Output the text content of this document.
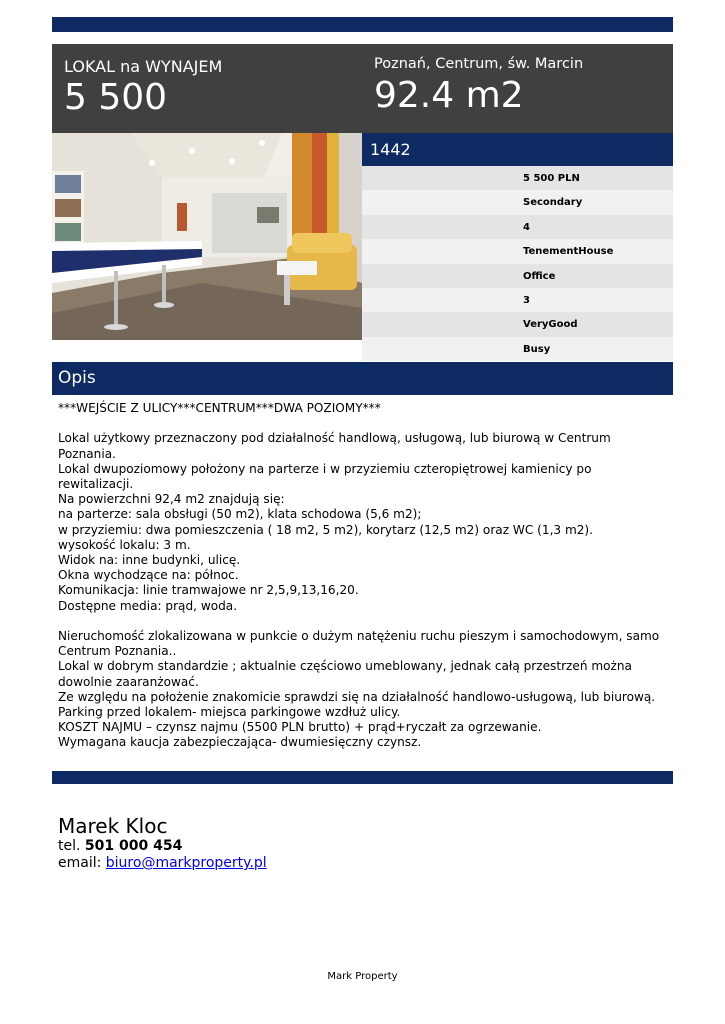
LOKAL na WYNAJEM
5 500
Poznań, Centrum, św. Marcin
92.4 m2
1442
5 500 PLN
Secondary
4
TenementHouse
Office
3
VeryGood
Busy
Opis

***WEJŚCIE Z ULICY***CENTRUM***DWA POZIOMY***

Lokal użytkowy przeznaczony pod działalność handlową, usługową, lub biurową w Centrum Poznania.

Lokal dwupoziomowy położony na parterze i w przyziemiu czteropiętrowej kamienicy po rewitalizacji.

Na powierzchni 92,4 m2 znajdują się:

na parterze: sala obsługi (50 m2), klata schodowa (5,6 m2);

w przyziemiu: dwa pomieszczenia ( 18 m2, 5 m2), korytarz (12,5 m2) oraz WC (1,3 m2).

wysokość lokalu: 3 m.

Widok na: inne budynki, ulicę.

Okna wychodzące na: północ.

Komunikacja: linie tramwajowe nr 2,5,9,13,16,20.

Dostępne media: prąd, woda.

Nieruchomość zlokalizowana w punkcie o dużym natężeniu ruchu pieszym i samochodowym, samo Centrum Poznania..

Lokal w dobrym standardzie ; aktualnie częściowo umeblowany, jednak całą przestrzeń można dowolnie zaaranżować.

Ze względu na położenie znakomicie sprawdzi się na działalność handlowo-usługową, lub biurową.

Parking przed lokalem- miejsca parkingowe wzdłuż ulicy.

KOSZT NAJMU – czynsz najmu (5500 PLN brutto) + prąd+ryczałt za ogrzewanie.

Wymagana kaucja zabezpieczająca- dwumiesięczny czynsz.

Marek Kloc
tel. 501 000 454
email: biuro@markproperty.pl
Mark Property
